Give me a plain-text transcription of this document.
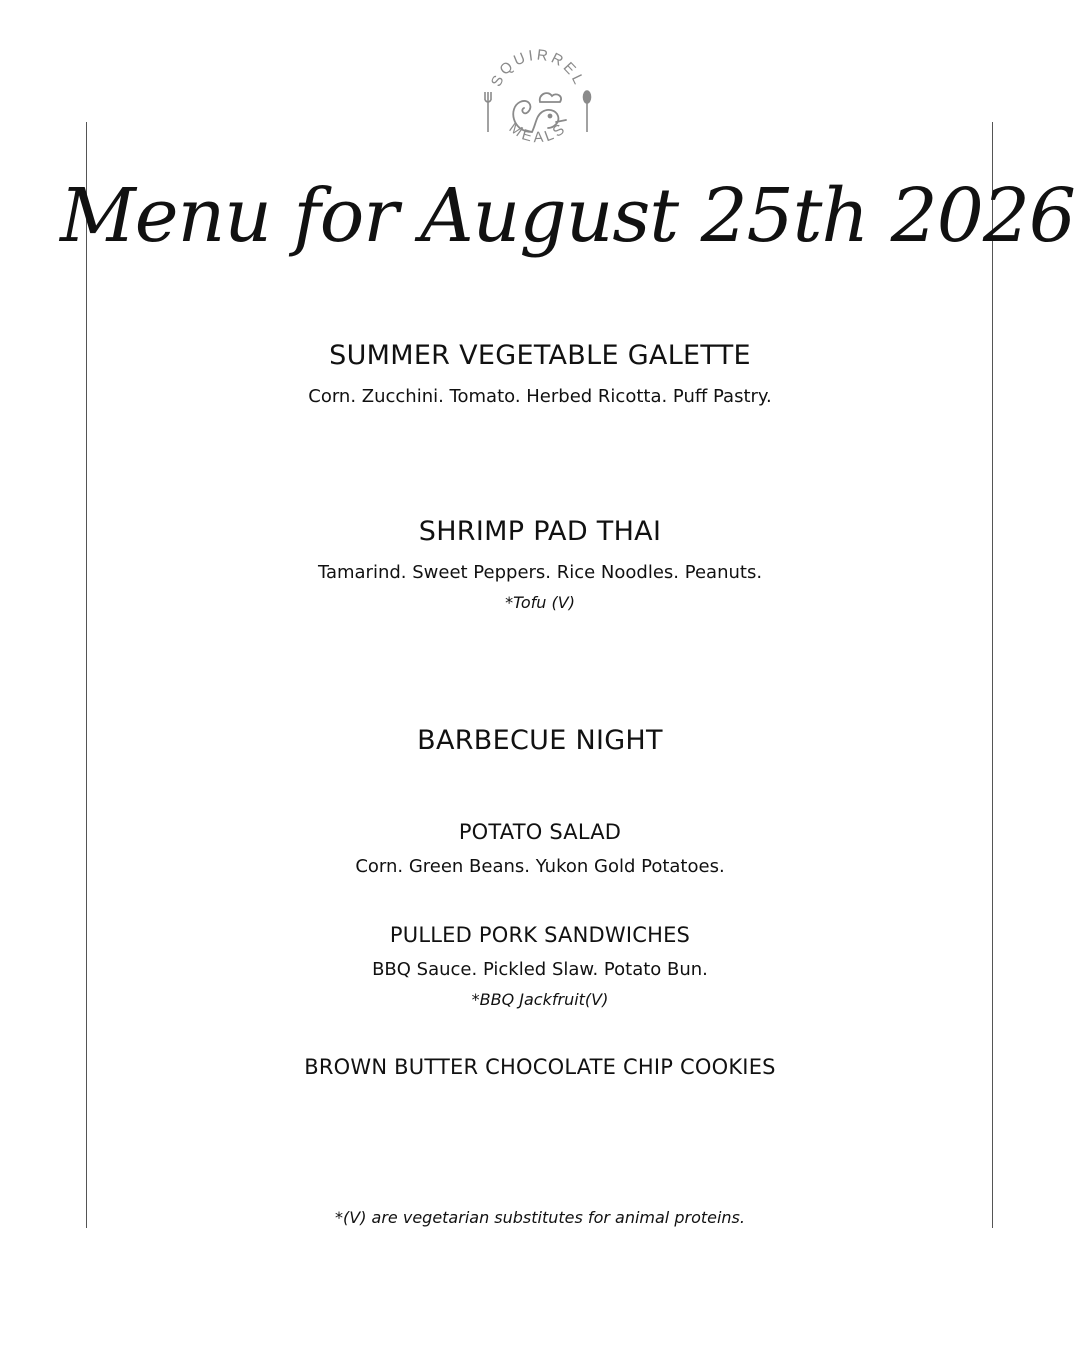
SQUIRREL
MEALS
Menu for August 25th 2026
SUMMER VEGETABLE GALETTE
Corn. Zucchini. Tomato. Herbed Ricotta. Puff Pastry.
SHRIMP PAD THAI
Tamarind. Sweet Peppers. Rice Noodles. Peanuts.
*Tofu (V)
BARBECUE NIGHT
POTATO SALAD
Corn. Green Beans. Yukon Gold Potatoes.
PULLED PORK SANDWICHES
BBQ Sauce. Pickled Slaw. Potato Bun.
*BBQ Jackfruit(V)
BROWN BUTTER CHOCOLATE CHIP COOKIES
*(V) are vegetarian substitutes for animal proteins.
